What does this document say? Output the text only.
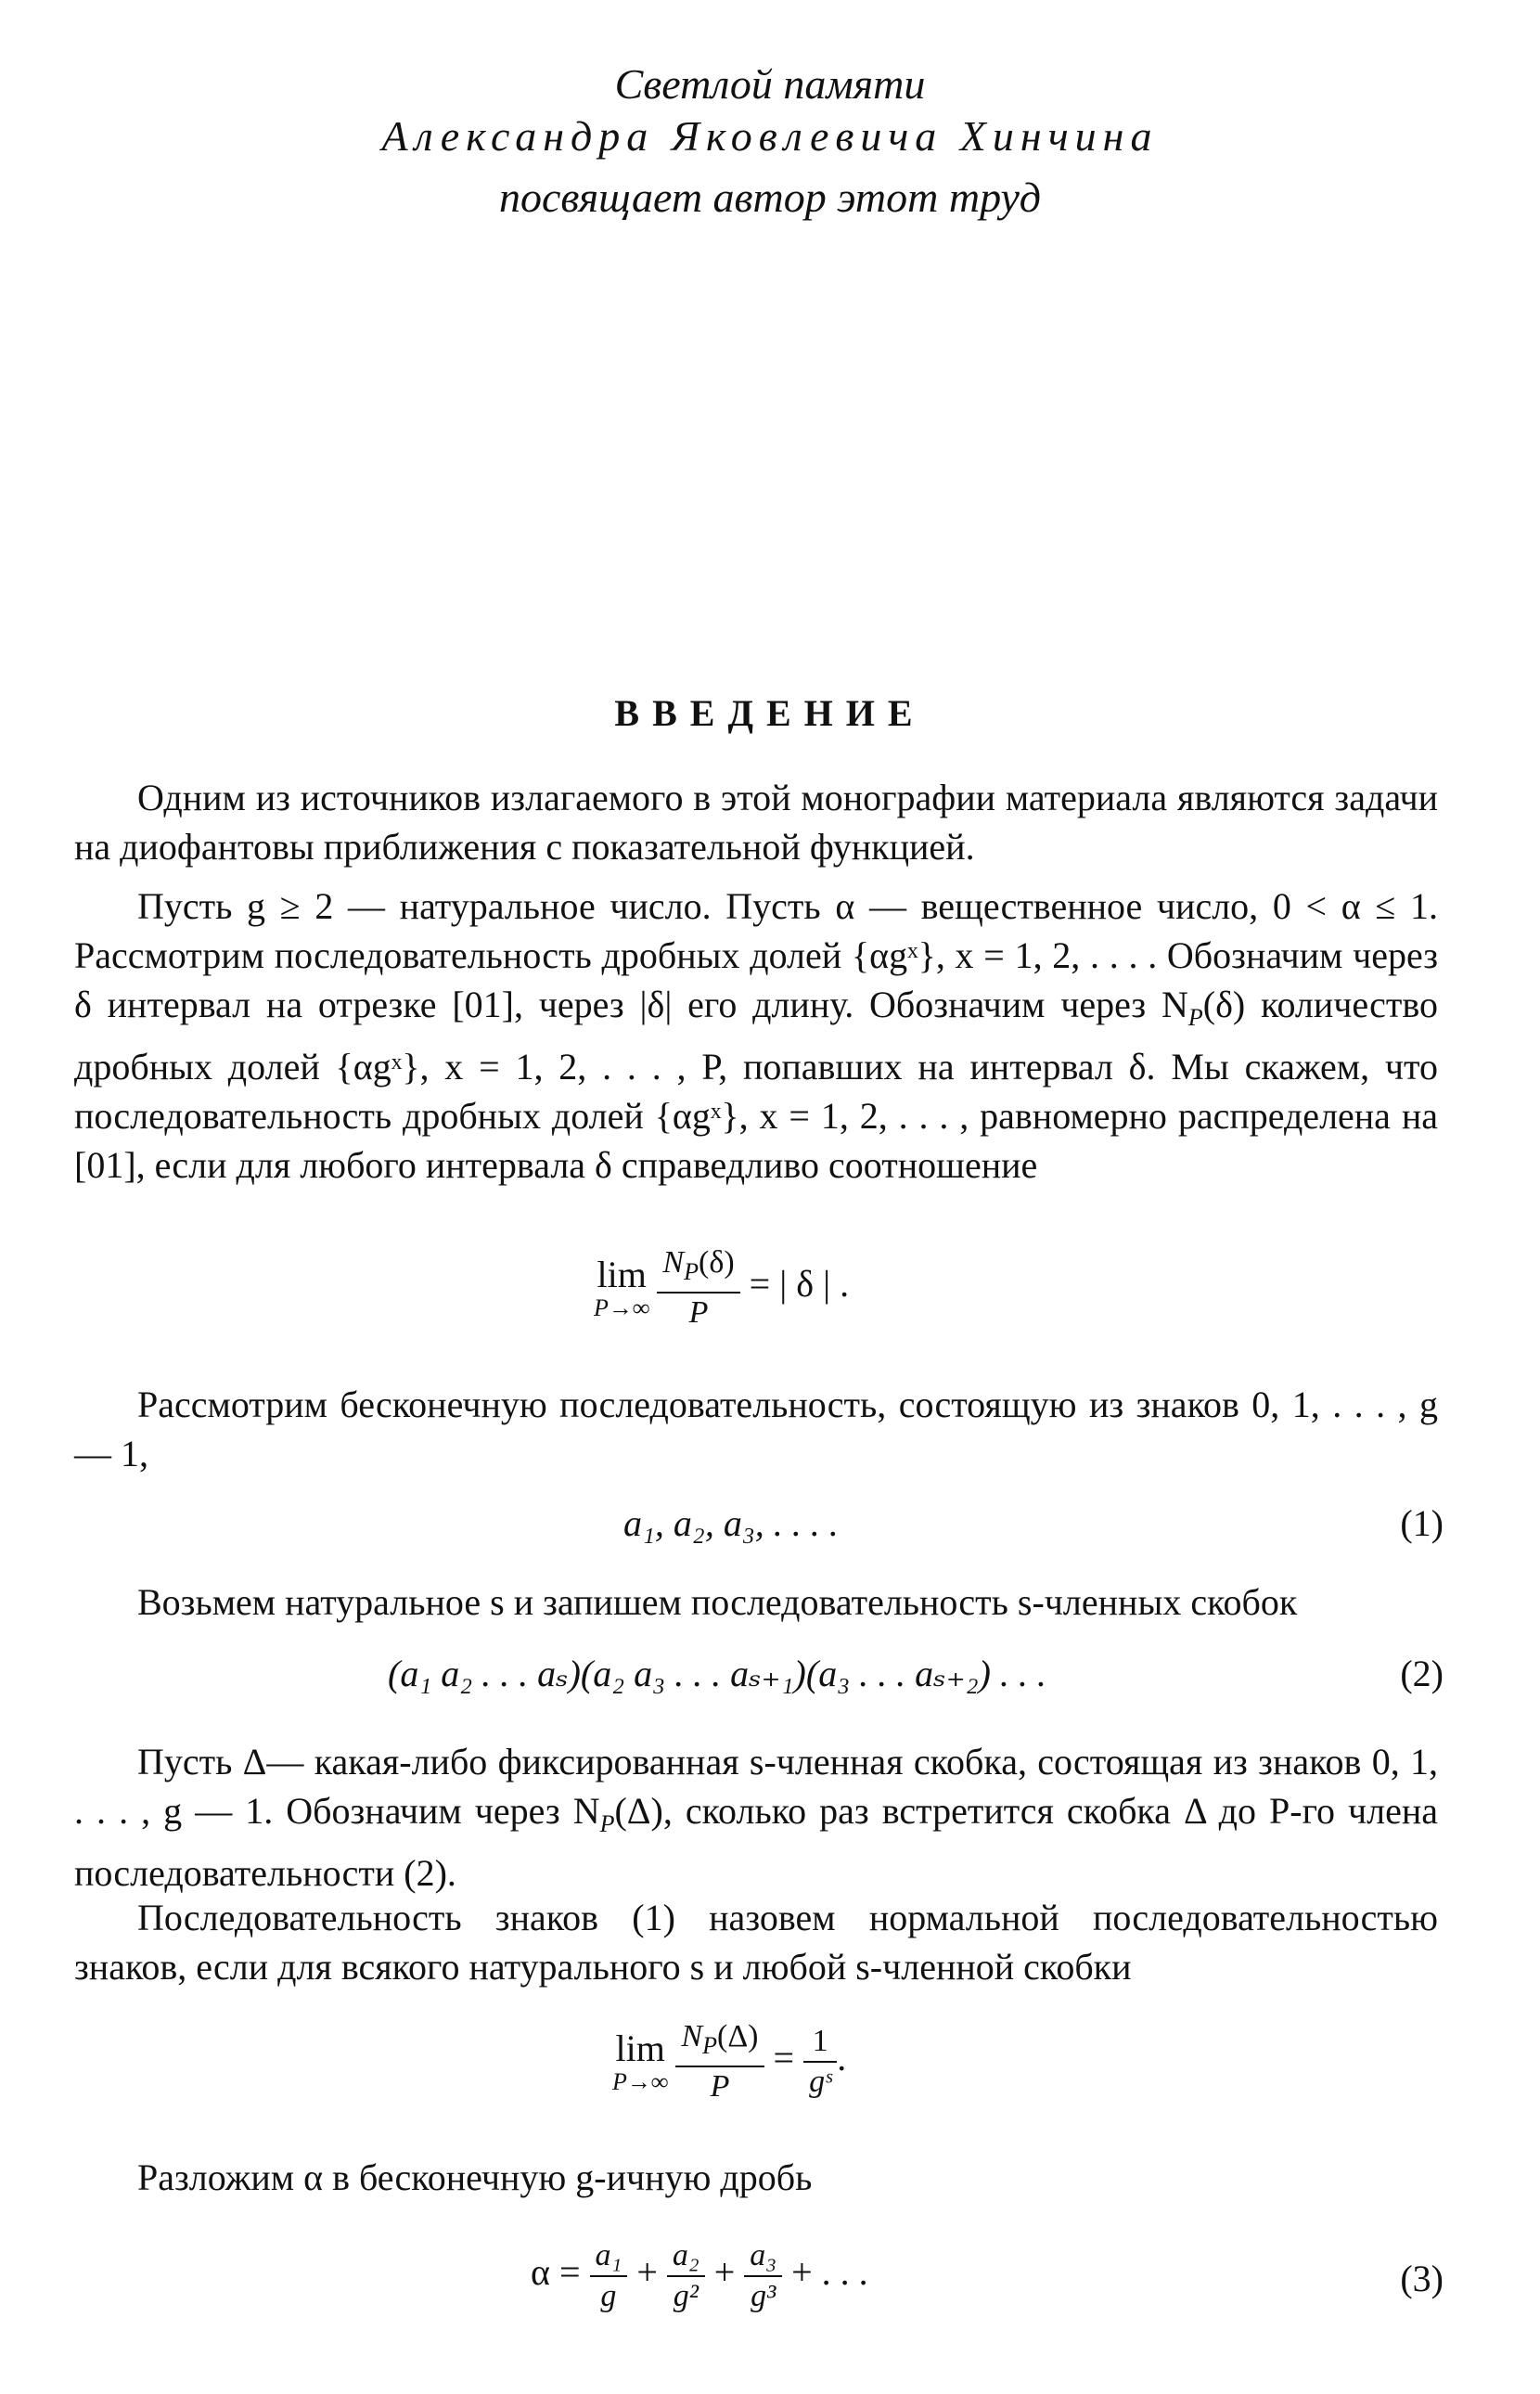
Светлой памяти
Александра Яковлевича Хинчина
посвящает автор этот труд
ВВЕДЕНИЕ

Одним из источников излагаемого в этой монографии материала являются задачи на диофантовы приближения с показательной функцией.

Пусть g ≥ 2 — натуральное число. Пусть α — вещественное число, 0 < α ≤ 1. Рассмотрим последовательность дробных долей {αgˣ}, x = 1, 2, . . . . Обозначим через δ интервал на отрезке [01], через |δ| его длину. Обозначим через $N_P(\delta)$ количество дробных долей {αgˣ}, x = 1, 2, . . . , P, попавших на интервал δ. Мы скажем, что последовательность дробных долей {αgˣ}, x = 1, 2, . . . , равномерно распределена на [01], если для любого интервала δ справедливо соотношение

lim
$P\to\infty \frac{N_P(\delta)}{P}$ = | δ | .

Рассмотрим бесконечную последовательность, состоящую из знаков 0, 1, . . . , g — 1,

a₁, a₂, a₃, . . . .	(1)

Возьмем натуральное s и запишем последовательность s-членных скобок

(a₁ a₂ . . . aₛ)(a₂ a₃ . . . aₛ₊₁)(a₃ . . . aₛ₊₂) . . .	(2)

Пусть Δ— какая-либо фиксированная s-членная скобка, состоящая из знаков 0, 1, . . . , g — 1. Обозначим через $N_P(\Delta)$, сколько раз встретится скобка Δ до P-го члена последовательности (2).

Последовательность знаков (1) назовем нормальной последовательностью знаков, если для всякого натурального s и любой s-членной скобки

lim
$P\to\infty \frac{N_P(\Delta)}{P} = \frac{1}{\text{gˢ}}$ .

Разложим α в бесконечную g-ичную дробь

$\alpha = \frac{\text{a₁}}{g} + \frac{\text{a₂}}{\text{g²}} + \frac{\text{a₃}}{\text{g³}}$ + . . .	(3)
